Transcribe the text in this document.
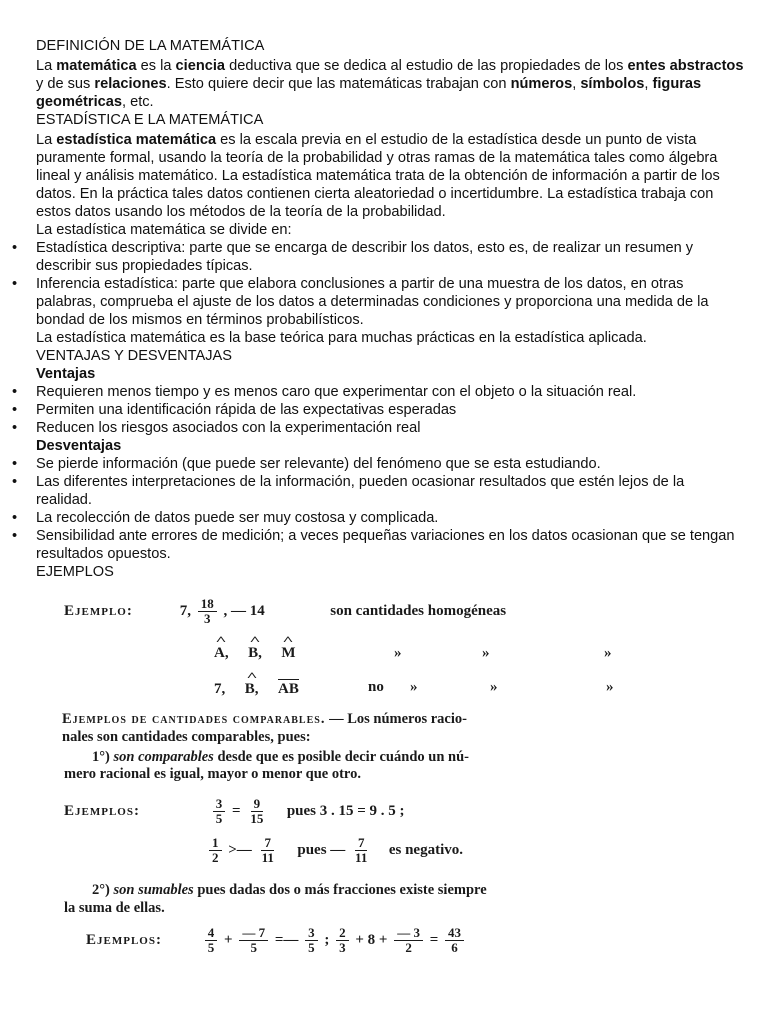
DEFINICIÓN DE LA MATEMÁTICA

La matemática es la ciencia deductiva que se dedica al estudio de las propiedades de los entes abstractos y de sus relaciones. Esto quiere decir que las matemáticas trabajan con números, símbolos, figuras geométricas, etc.

ESTADÍSTICA E LA MATEMÁTICA

La estadística matemática es la escala previa en el estudio de la estadística desde un punto de vista puramente formal, usando la teoría de la probabilidad y otras ramas de la matemática tales como álgebra lineal y análisis matemático. La estadística matemática trata de la obtención de información a partir de los datos. En la práctica tales datos contienen cierta aleatoriedad o incertidumbre. La estadística trabaja con estos datos usando los métodos de la teoría de la probabilidad.

La estadística matemática se divide en:

• Estadística descriptiva: parte que se encarga de describir los datos, esto es, de realizar un resumen y describir sus propiedades típicas.
• Inferencia estadística: parte que elabora conclusiones a partir de una muestra de los datos, en otras palabras, comprueba el ajuste de los datos a determinadas condiciones y proporciona una medida de la bondad de los mismos en términos probabilísticos.

La estadística matemática es la base teórica para muchas prácticas en la estadística aplicada.

VENTAJAS Y DESVENTAJAS

Ventajas

• Requieren menos tiempo y es menos caro que experimentar con el objeto o la situación real.
• Permiten una identificación rápida de las expectativas esperadas
• Reducen los riesgos asociados con la experimentación real

Desventajas

• Se pierde información (que puede ser relevante) del fenómeno que se esta estudiando.
• Las diferentes interpretaciones de la información, pueden ocasionar resultados que estén lejos de la realidad.
• La recolección de datos puede ser muy costosa y complicada.
• Sensibilidad ante errores de medición; a veces pequeñas variaciones en los datos ocasionan que se tengan resultados opuestos.

EJEMPLOS

Ejemplo:	7, $\frac{18}{3}$ , — 14	son cantidades homogéneas
^ A, ^ B, ^ M	»	»	»
7, ^ B, AB	no »	»	»
Ejemplos de cantidades comparables. — Los números racio-
nales son cantidades comparables, pues:
1°) son comparables desde que es posible decir cuándo un nú-
mero racional es igual, mayor o menor que otro.
Ejemplos:	$\frac{3}{5} = \frac{9}{15}$ pues 3 . 15 = 9 . 5 ;
$\frac{1}{2}$ >— $\frac{7}{11}$ pues — $\frac{7}{11}$ es negativo.
2°) son sumables pues dadas dos o más fracciones existe siempre
la suma de ellas.
Ejemplos:	$\frac{4}{5} + \frac{— 7}{5}$ =— $\frac{3}{5}$ ; $\frac{2}{3} + 8 + \frac{— 3}{2} = \frac{43}{6}$
